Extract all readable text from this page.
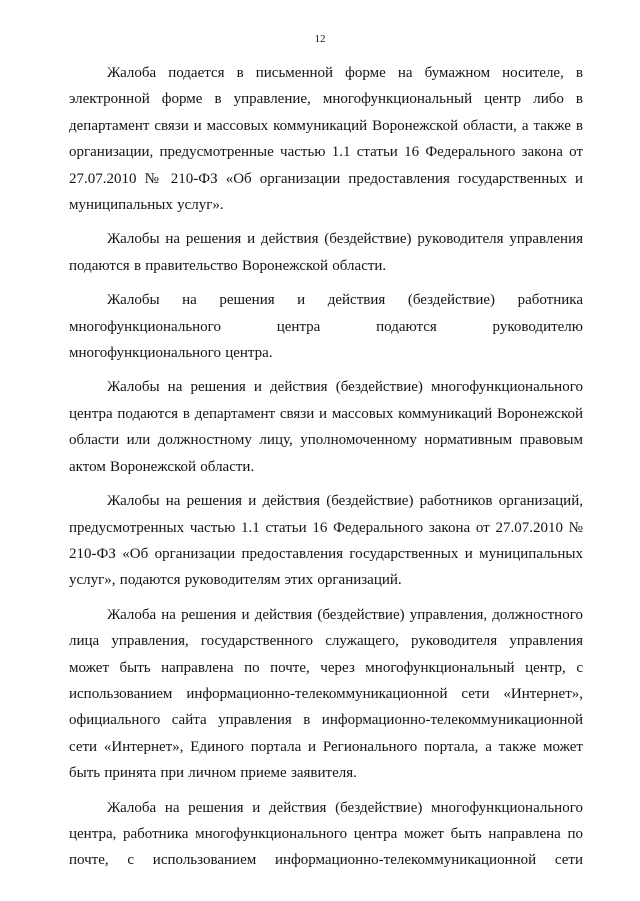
12

Жалоба подается в письменной форме на бумажном носителе, в электронной форме в управление, многофункциональный центр либо в департамент связи и массовых коммуникаций Воронежской области, а также в организации, предусмотренные частью 1.1 статьи 16 Федерального закона от 27.07.2010 № 210-ФЗ «Об организации предоставления государственных и муниципальных услуг».

Жалобы на решения и действия (бездействие) руководителя управления подаются в правительство Воронежской области.

Жалобы на решения и действия (бездействие) работника многофункционального центра подаются руководителю многофункционального центра.

Жалобы на решения и действия (бездействие) многофункционального центра подаются в департамент связи и массовых коммуникаций Воронежской области или должностному лицу, уполномоченному нормативным правовым актом Воронежской области.

Жалобы на решения и действия (бездействие) работников организаций, предусмотренных частью 1.1 статьи 16 Федерального закона от 27.07.2010 № 210-ФЗ «Об организации предоставления государственных и муниципальных услуг», подаются руководителям этих организаций.

Жалоба на решения и действия (бездействие) управления, должностного лица управления, государственного служащего, руководителя управления может быть направлена по почте, через многофункциональный центр, с использованием информационно-телекоммуникационной сети «Интернет», официального сайта управления в информационно-телекоммуникационной сети «Интернет», Единого портала и Регионального портала, а также может быть принята при личном приеме заявителя.

Жалоба на решения и действия (бездействие) многофункционального центра, работника многофункционального центра может быть направлена по почте, с использованием информационно-телекоммуникационной сети
